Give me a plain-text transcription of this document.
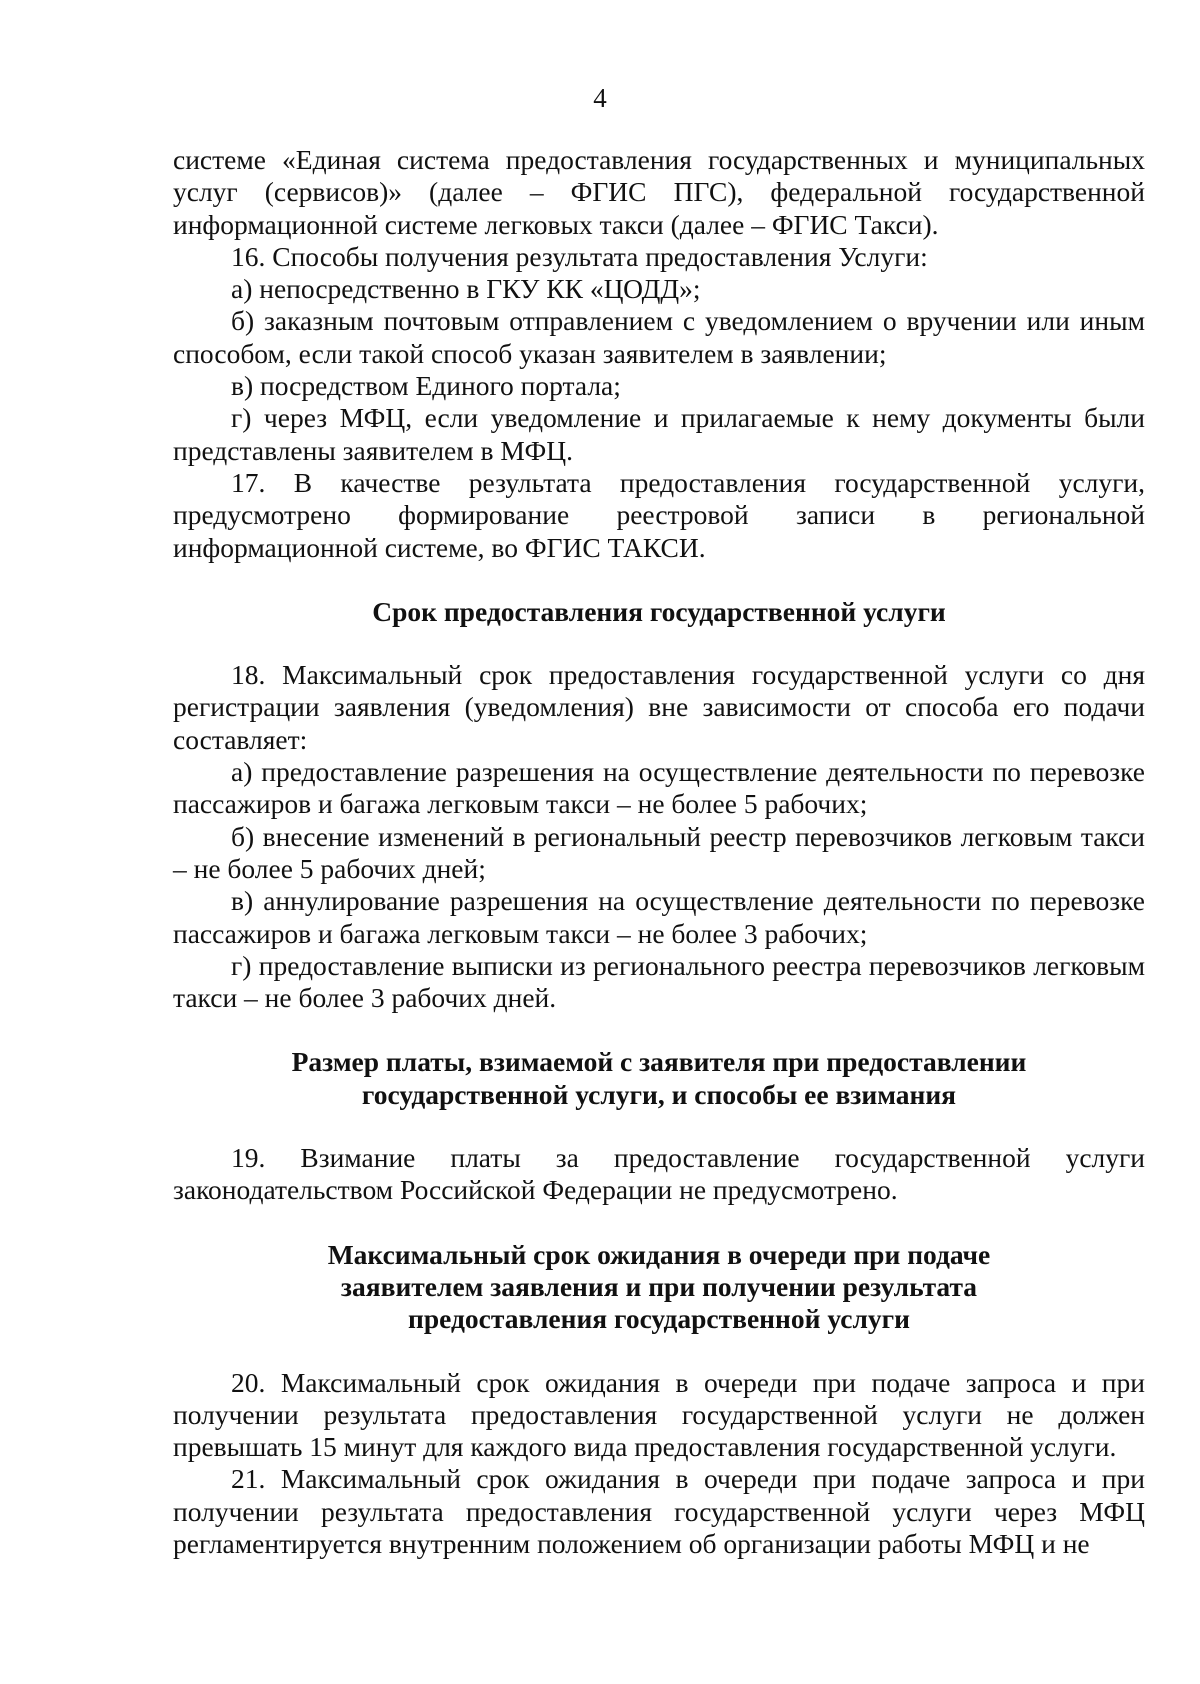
4

системе «Единая система предоставления государственных и муниципальных услуг (сервисов)» (далее – ФГИС ПГС), федеральной государственной информационной системе легковых такси (далее – ФГИС Такси).

16. Способы получения результата предоставления Услуги:

а) непосредственно в ГКУ КК «ЦОДД»;

б) заказным почтовым отправлением с уведомлением о вручении или иным способом, если такой способ указан заявителем в заявлении;

в) посредством Единого портала;

г) через МФЦ, если уведомление и прилагаемые к нему документы были представлены заявителем в МФЦ.

17. В качестве результата предоставления государственной услуги, предусмотрено формирование реестровой записи в региональной информационной системе, во ФГИС ТАКСИ.

Срок предоставления государственной услуги

18. Максимальный срок предоставления государственной услуги со дня регистрации заявления (уведомления) вне зависимости от способа его подачи составляет:

а) предоставление разрешения на осуществление деятельности по перевозке пассажиров и багажа легковым такси – не более 5 рабочих;

б) внесение изменений в региональный реестр перевозчиков легковым такси – не более 5 рабочих дней;

в) аннулирование разрешения на осуществление деятельности по перевозке пассажиров и багажа легковым такси – не более 3 рабочих;

г) предоставление выписки из регионального реестра перевозчиков легковым такси – не более 3 рабочих дней.

Размер платы, взимаемой с заявителя при предоставлении
государственной услуги, и способы ее взимания

19. Взимание платы за предоставление государственной услуги законодательством Российской Федерации не предусмотрено.

Максимальный срок ожидания в очереди при подаче
заявителем заявления и при получении результата
предоставления государственной услуги

20. Максимальный срок ожидания в очереди при подаче запроса и при получении результата предоставления государственной услуги не должен превышать 15 минут для каждого вида предоставления государственной услуги.

21. Максимальный срок ожидания в очереди при подаче запроса и при получении результата предоставления государственной услуги через МФЦ регламентируется внутренним положением об организации работы МФЦ и не
